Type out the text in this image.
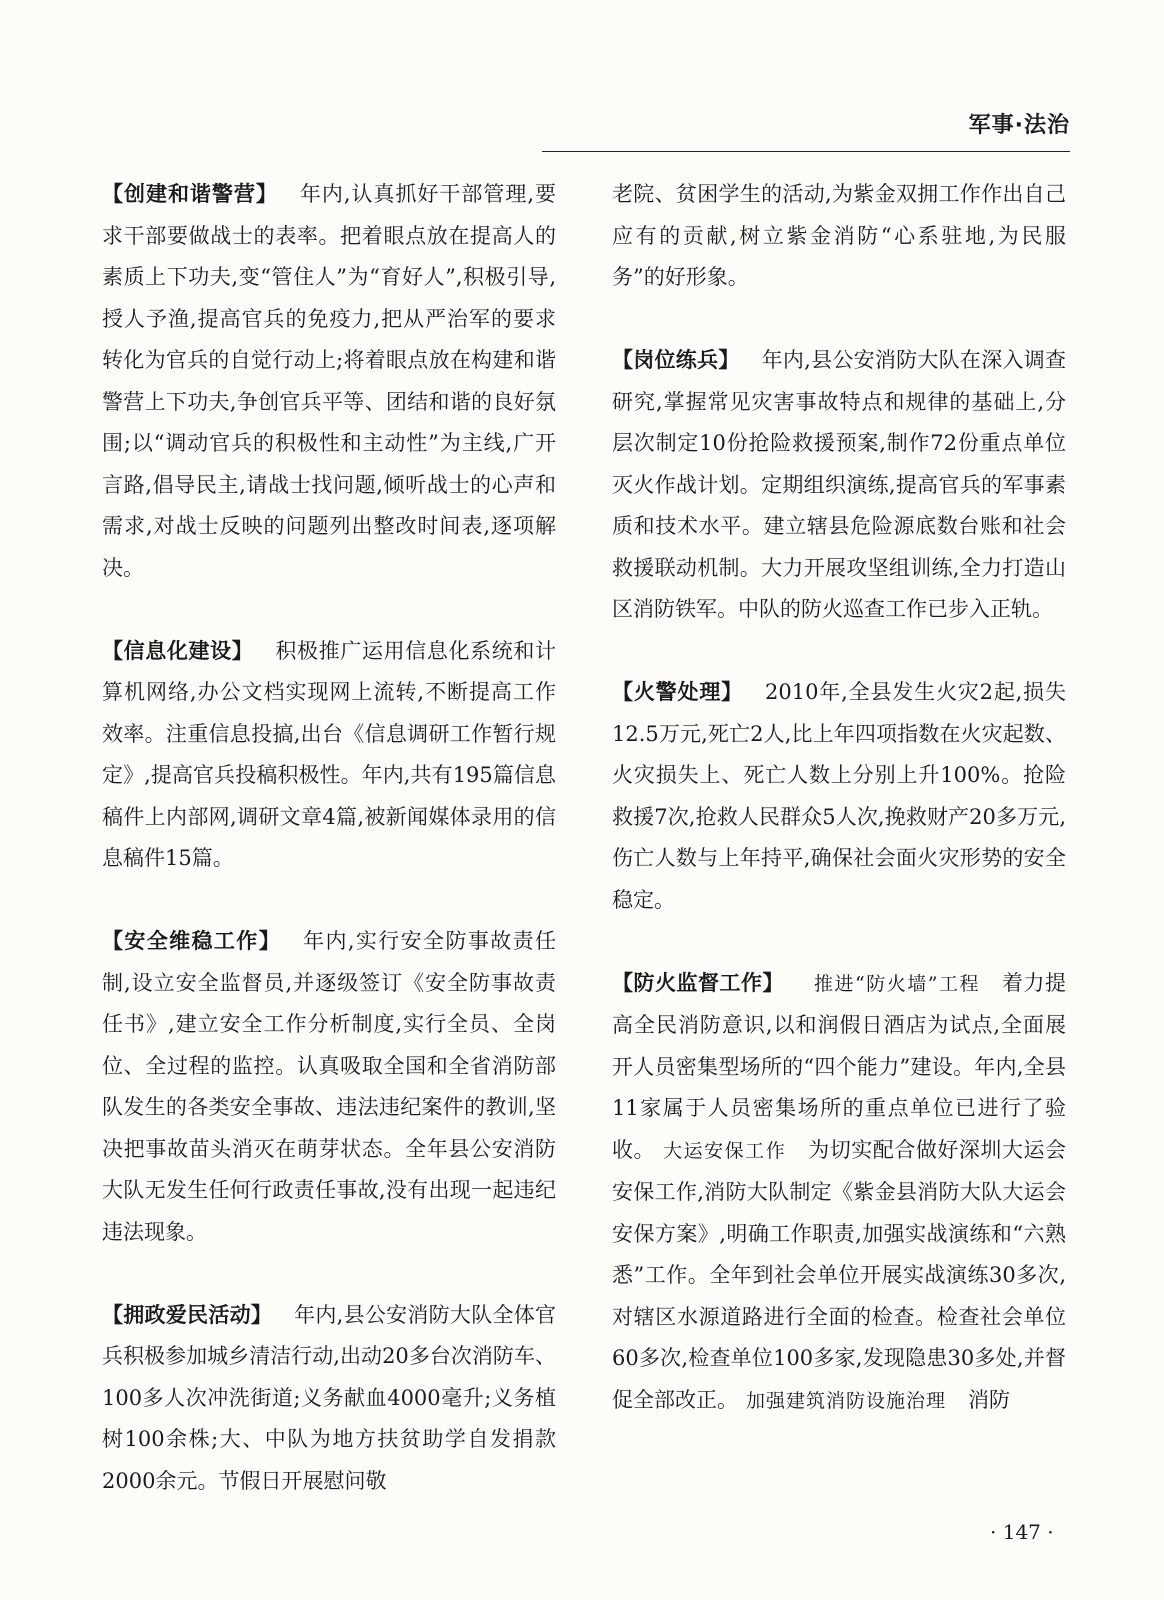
军事·法治

【创建和谐警营】 年内,认真抓好干部管理,要求干部要做战士的表率。把着眼点放在提高人的素质上下功夫,变“管住人”为“育好人”,积极引导,授人予渔,提高官兵的免疫力,把从严治军的要求转化为官兵的自觉行动上;将着眼点放在构建和谐警营上下功夫,争创官兵平等、团结和谐的良好氛围;以“调动官兵的积极性和主动性”为主线,广开言路,倡导民主,请战士找问题,倾听战士的心声和需求,对战士反映的问题列出整改时间表,逐项解决。

【信息化建设】 积极推广运用信息化系统和计算机网络,办公文档实现网上流转,不断提高工作效率。注重信息投搞,出台《信息调研工作暂行规定》,提高官兵投稿积极性。年内,共有195篇信息稿件上内部网,调研文章4篇,被新闻媒体录用的信息稿件15篇。

【安全维稳工作】 年内,实行安全防事故责任制,设立安全监督员,并逐级签订《安全防事故责任书》,建立安全工作分析制度,实行全员、全岗位、全过程的监控。认真吸取全国和全省消防部队发生的各类安全事故、违法违纪案件的教训,坚决把事故苗头消灭在萌芽状态。全年县公安消防大队无发生任何行政责任事故,没有出现一起违纪违法现象。

【拥政爱民活动】 年内,县公安消防大队全体官兵积极参加城乡清洁行动,出动20多台次消防车、100多人次冲洗街道;义务献血4000毫升;义务植树100余株;大、中队为地方扶贫助学自发捐款2000余元。节假日开展慰问敬

老院、贫困学生的活动,为紫金双拥工作作出自己应有的贡献,树立紫金消防“心系驻地,为民服务”的好形象。

【岗位练兵】 年内,县公安消防大队在深入调查研究,掌握常见灾害事故特点和规律的基础上,分层次制定10份抢险救援预案,制作72份重点单位灭火作战计划。定期组织演练,提高官兵的军事素质和技术水平。建立辖县危险源底数台账和社会救援联动机制。大力开展攻坚组训练,全力打造山区消防铁军。中队的防火巡查工作已步入正轨。

【火警处理】 2010年,全县发生火灾2起,损失12.5万元,死亡2人,比上年四项指数在火灾起数、火灾损失上、死亡人数上分别上升100%。抢险救援7次,抢救人民群众5人次,挽救财产20多万元,伤亡人数与上年持平,确保社会面火灾形势的安全稳定。

【防火监督工作】 推进“防火墙”工程 着力提高全民消防意识,以和润假日酒店为试点,全面展开人员密集型场所的“四个能力”建设。年内,全县11家属于人员密集场所的重点单位已进行了验收。 大运安保工作 为切实配合做好深圳大运会安保工作,消防大队制定《紫金县消防大队大运会安保方案》,明确工作职责,加强实战演练和“六熟悉”工作。全年到社会单位开展实战演练30多次,对辖区水源道路进行全面的检查。检查社会单位60多次,检查单位100多家,发现隐患30多处,并督促全部改正。 加强建筑消防设施治理 消防

· 147 ·
